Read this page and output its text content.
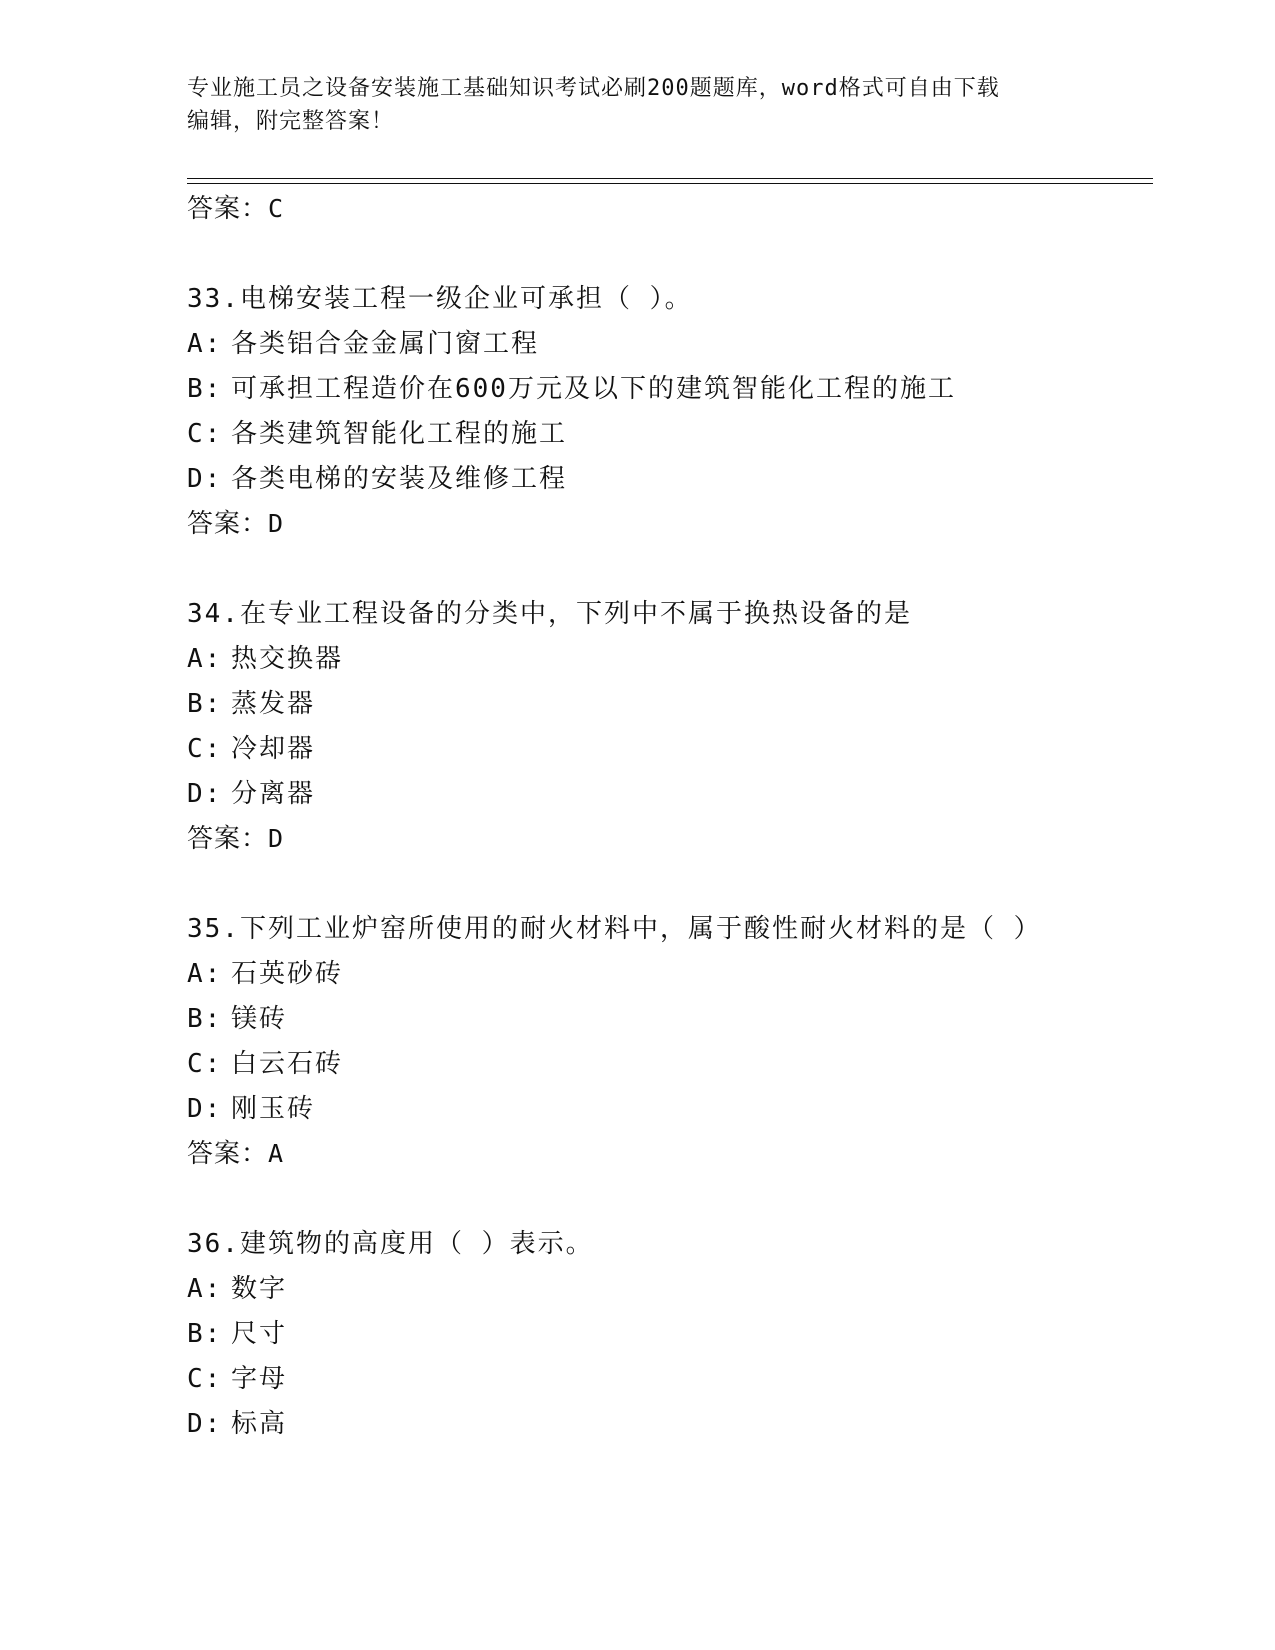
专业施工员之设备安装施工基础知识考试必刷200题题库，word格式可自由下载
编辑，附完整答案！
答案：C
33.电梯安装工程一级企业可承担（ ）。
A: 各类铝合金金属门窗工程
B: 可承担工程造价在600万元及以下的建筑智能化工程的施工
C: 各类建筑智能化工程的施工
D: 各类电梯的安装及维修工程
答案：D
34.在专业工程设备的分类中，下列中不属于换热设备的是
A: 热交换器
B: 蒸发器
C: 冷却器
D: 分离器
答案：D
35.下列工业炉窑所使用的耐火材料中，属于酸性耐火材料的是（ ）
A: 石英砂砖
B: 镁砖
C: 白云石砖
D: 刚玉砖
答案：A
36.建筑物的高度用（ ）表示。
A: 数字
B: 尺寸
C: 字母
D: 标高
